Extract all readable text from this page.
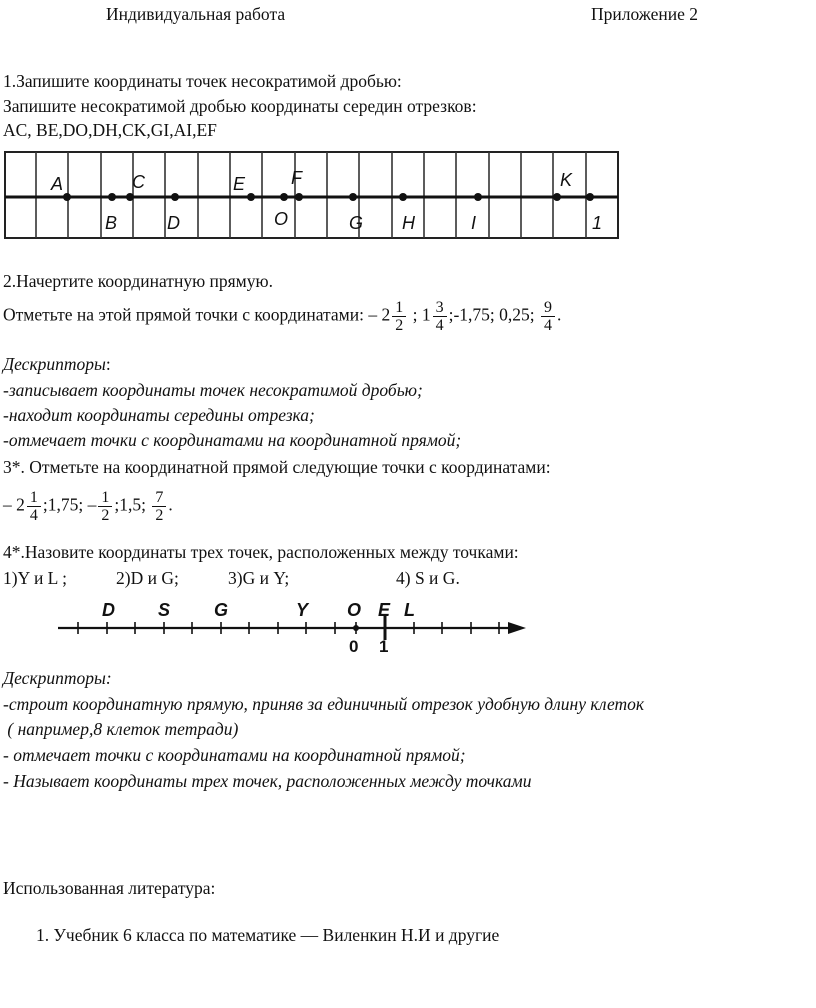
Индивидуальная работа	Приложение 2
1.Запишите координаты точек несократимой дробью:
Запишите несократимой дробью координаты середин отрезков:
AC, BE,DO,DH,CK,GI,AI,EF
A	C	E	F	K
B	D	O	G H	I	1
2.Начертите координатную прямую.
Отметьте на этой прямой точки с координатами: – $2 \frac{1}{2}$ ; $1 \frac{3}{4}$ ;-1,75; 0,25; $\frac{9}{4}$ .
Дескрипторы:
-записывает координаты точек несократимой дробью;
-находит координаты середины отрезка;
-отмечает точки с координатами на координатной прямой;
3*. Отметьте на координатной прямой следующие точки с координатами:
– $2 \frac{1}{4}$ ;1,75; – $\frac{1}{2}$ ;1,5; $\frac{7}{2}$ .
4*.Назовите координаты трех точек, расположенных между точками:
1)Y и L ;	2)D и G;	3)G и Y;	4) S и G.
D S G	Y O E L
0 1
Дескрипторы:
-строит координатную прямую, приняв за единичный отрезок удобную длину клеток
( например,8 клеток тетради)
- отмечает точки с координатами на координатной прямой;
- Называет координаты трех точек, расположенных между точками
Использованная литература:
1. Учебник 6 класса по математике — Виленкин Н.И и другие
